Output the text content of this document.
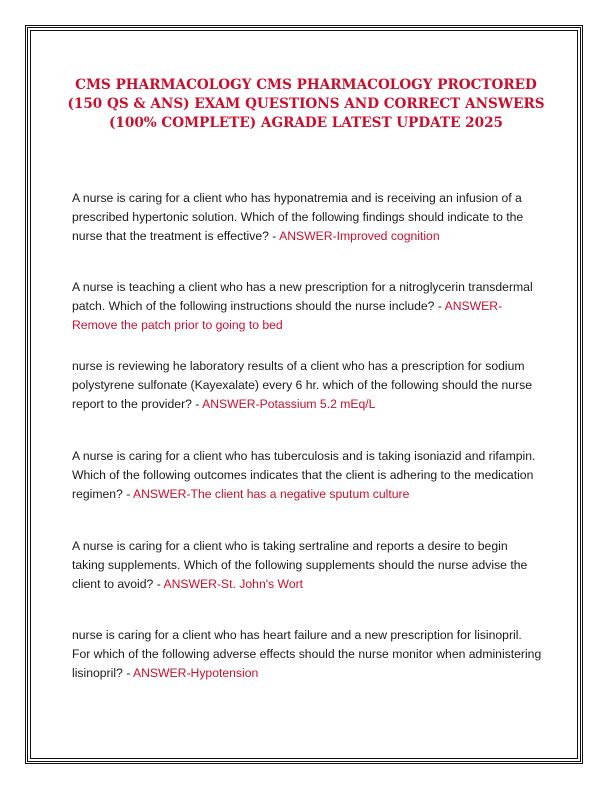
CMS PHARMACOLOGY CMS PHARMACOLOGY PROCTORED (150 QS & ANS) EXAM QUESTIONS AND CORRECT ANSWERS (100% COMPLETE) AGRADE LATEST UPDATE 2025

A nurse is caring for a client who has hyponatremia and is receiving an infusion of a prescribed hypertonic solution. Which of the following findings should indicate to the nurse that the treatment is effective? - ANSWER-Improved cognition

A nurse is teaching a client who has a new prescription for a nitroglycerin transdermal patch. Which of the following instructions should the nurse include? - ANSWER-Remove the patch prior to going to bed

nurse is reviewing he laboratory results of a client who has a prescription for sodium polystyrene sulfonate (Kayexalate) every 6 hr. which of the following should the nurse report to the provider? - ANSWER-Potassium 5.2 mEq/L

A nurse is caring for a client who has tuberculosis and is taking isoniazid and rifampin. Which of the following outcomes indicates that the client is adhering to the medication regimen? - ANSWER-The client has a negative sputum culture

A nurse is caring for a client who is taking sertraline and reports a desire to begin taking supplements. Which of the following supplements should the nurse advise the client to avoid? - ANSWER-St. John's Wort

nurse is caring for a client who has heart failure and a new prescription for lisinopril. For which of the following adverse effects should the nurse monitor when administering lisinopril? - ANSWER-Hypotension
